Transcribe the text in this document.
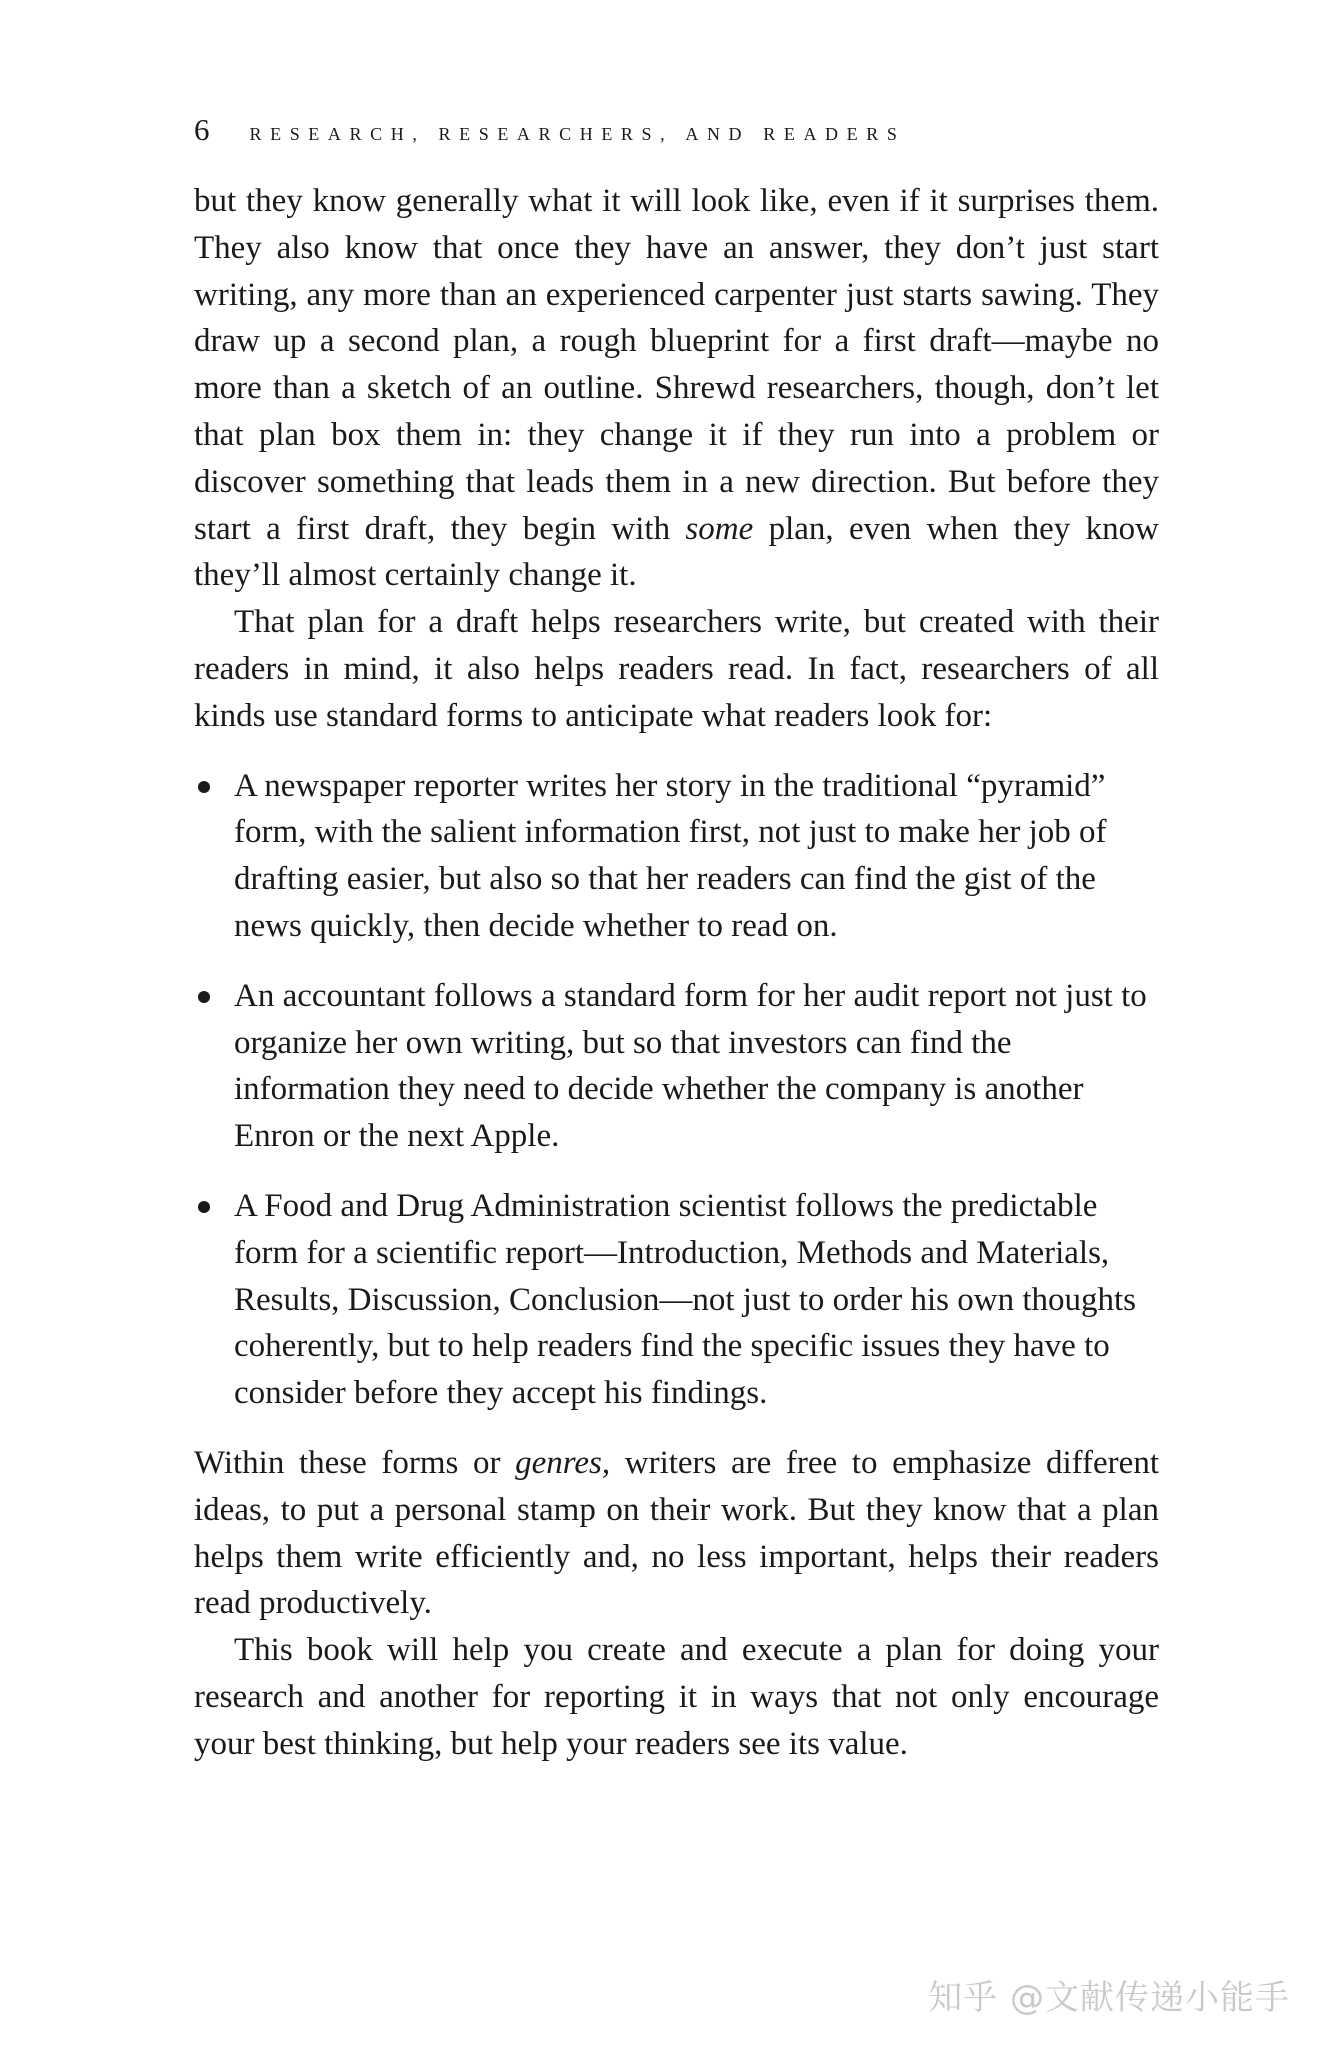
6 RESEARCH, RESEARCHERS, AND READERS

but they know generally what it will look like, even if it surprises them. They also know that once they have an answer, they don’t just start writing, any more than an experienced carpenter just starts sawing. They draw up a second plan, a rough blueprint for a first draft—maybe no more than a sketch of an outline. Shrewd researchers, though, don’t let that plan box them in: they change it if they run into a problem or discover something that leads them in a new direction. But before they start a first draft, they begin with some plan, even when they know they’ll almost certainly change it.

That plan for a draft helps researchers write, but created with their readers in mind, it also helps readers read. In fact, researchers of all kinds use standard forms to anticipate what readers look for:

A newspaper reporter writes her story in the traditional “pyramid” form, with the salient information first, not just to make her job of drafting easier, but also so that her readers can find the gist of the news quickly, then decide whether to read on.
An accountant follows a standard form for her audit report not just to organize her own writing, but so that investors can find the information they need to decide whether the company is another Enron or the next Apple.
A Food and Drug Administration scientist follows the predictable form for a scientific report—Introduction, Methods and Materials, Results, Discussion, Conclusion—not just to order his own thoughts coherently, but to help readers find the specific issues they have to consider before they accept his findings.

Within these forms or genres, writers are free to emphasize different ideas, to put a personal stamp on their work. But they know that a plan helps them write efficiently and, no less important, helps their readers read productively.

This book will help you create and execute a plan for doing your research and another for reporting it in ways that not only encourage your best thinking, but help your readers see its value.

知乎 @文献传递小能手
